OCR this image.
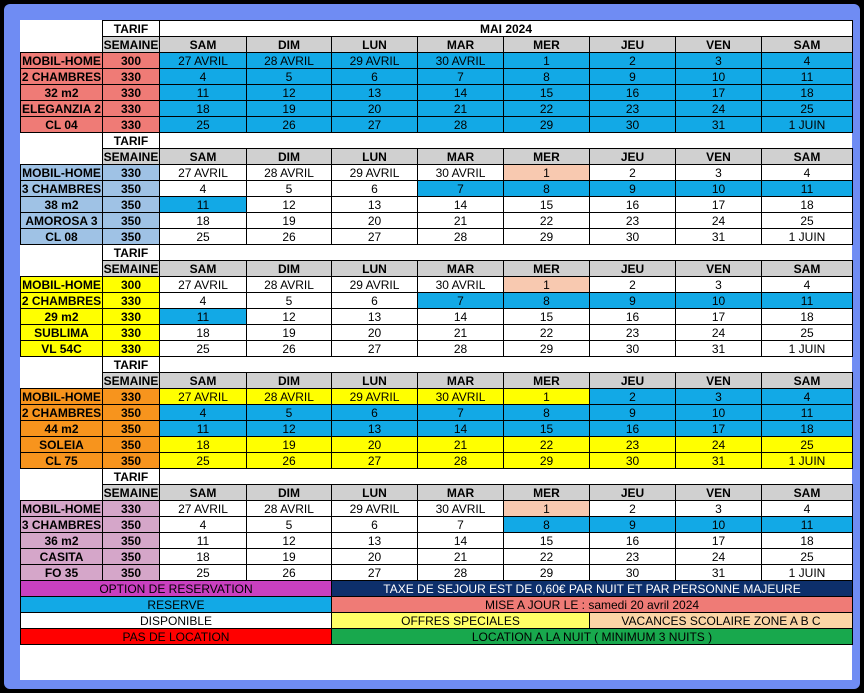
	TARIF	MAI 2024							
	SEMAINE	SAM	DIM	LUN	MAR	MER	JEU	VEN	SAM
MOBIL-HOME	300	27 AVRIL	28 AVRIL	29 AVRIL	30 AVRIL	1	2	3	4
2 CHAMBRES	330	4	5	6	7	8	9	10	11
32 m2	330	11	12	13	14	15	16	17	18
ELEGANZIA 2	330	18	19	20	21	22	23	24	25
CL 04	330	25	26	27	28	29	30	31	1 JUIN
	TARIF								
	SEMAINE	SAM	DIM	LUN	MAR	MER	JEU	VEN	SAM
MOBIL-HOME	330	27 AVRIL	28 AVRIL	29 AVRIL	30 AVRIL	1	2	3	4
3 CHAMBRES	350	4	5	6	7	8	9	10	11
38 m2	350	11	12	13	14	15	16	17	18
AMOROSA 3	350	18	19	20	21	22	23	24	25
CL 08	350	25	26	27	28	29	30	31	1 JUIN
	TARIF								
	SEMAINE	SAM	DIM	LUN	MAR	MER	JEU	VEN	SAM
MOBIL-HOME	300	27 AVRIL	28 AVRIL	29 AVRIL	30 AVRIL	1	2	3	4
2 CHAMBRES	330	4	5	6	7	8	9	10	11
29 m2	330	11	12	13	14	15	16	17	18
SUBLIMA	330	18	19	20	21	22	23	24	25
VL 54C	330	25	26	27	28	29	30	31	1 JUIN
	TARIF								
	SEMAINE	SAM	DIM	LUN	MAR	MER	JEU	VEN	SAM
MOBIL-HOME	330	27 AVRIL	28 AVRIL	29 AVRIL	30 AVRIL	1	2	3	4
2 CHAMBRES	350	4	5	6	7	8	9	10	11
44 m2	350	11	12	13	14	15	16	17	18
SOLEIA	350	18	19	20	21	22	23	24	25
CL 75	350	25	26	27	28	29	30	31	1 JUIN
	TARIF								
	SEMAINE	SAM	DIM	LUN	MAR	MER	JEU	VEN	SAM
MOBIL-HOME	330	27 AVRIL	28 AVRIL	29 AVRIL	30 AVRIL	1	2	3	4
3 CHAMBRES	350	4	5	6	7	8	9	10	11
36 m2	350	11	12	13	14	15	16	17	18
CASITA	350	18	19	20	21	22	23	24	25
FO 35	350	25	26	27	28	29	30	31	1 JUIN
OPTION DE RESERVATION				TAXE DE SEJOUR EST DE 0,60€ PAR NUIT ET PAR PERSONNE MAJEURE					
RESERVE				MISE A JOUR LE : samedi 20 avril 2024					
DISPONIBLE				OFFRES SPECIALES			VACANCES SCOLAIRE ZONE A B C		
PAS DE LOCATION				LOCATION A LA NUIT ( MINIMUM 3 NUITS )					
